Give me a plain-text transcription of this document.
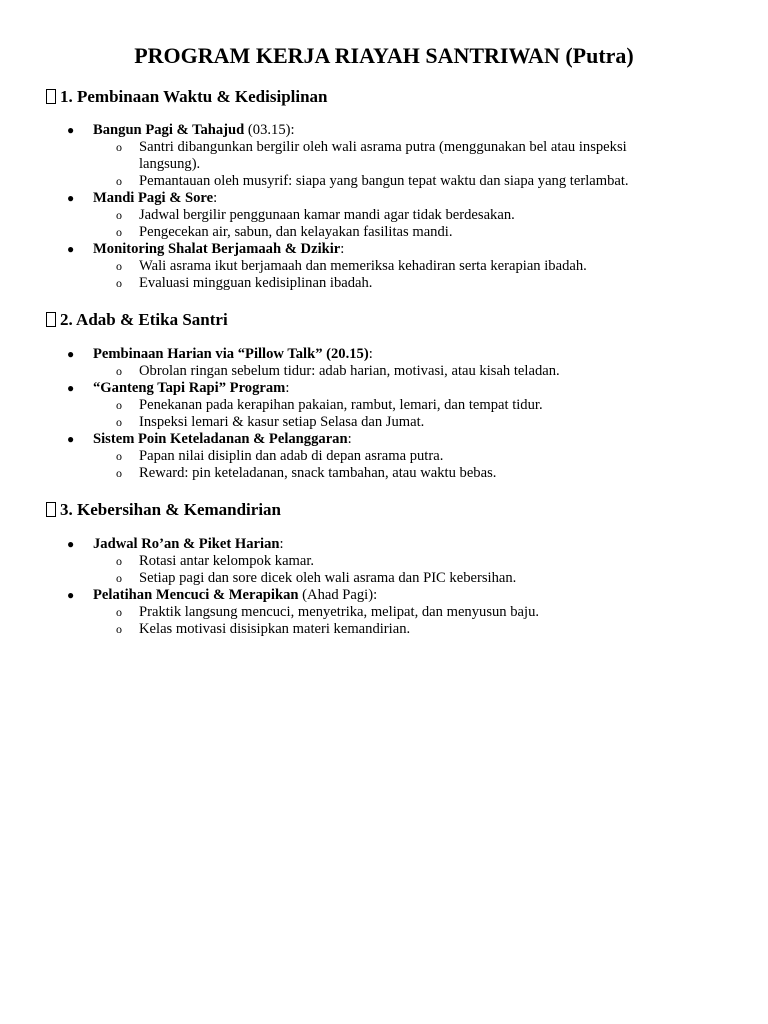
PROGRAM KERJA RIAYAH SANTRIWAN (Putra)
1. Pembinaan Waktu & Kedisiplinan
● Bangun Pagi & Tahajud (03.15):
o Santri dibangunkan bergilir oleh wali asrama putra (menggunakan bel atau inspeksi langsung).
o Pemantauan oleh musyrif: siapa yang bangun tepat waktu dan siapa yang terlambat.
● Mandi Pagi & Sore:
o Jadwal bergilir penggunaan kamar mandi agar tidak berdesakan.
o Pengecekan air, sabun, dan kelayakan fasilitas mandi.
● Monitoring Shalat Berjamaah & Dzikir:
o Wali asrama ikut berjamaah dan memeriksa kehadiran serta kerapian ibadah.
o Evaluasi mingguan kedisiplinan ibadah.
2. Adab & Etika Santri
● Pembinaan Harian via “Pillow Talk” (20.15):
o Obrolan ringan sebelum tidur: adab harian, motivasi, atau kisah teladan.
● “Ganteng Tapi Rapi” Program:
o Penekanan pada kerapihan pakaian, rambut, lemari, dan tempat tidur.
o Inspeksi lemari & kasur setiap Selasa dan Jumat.
● Sistem Poin Keteladanan & Pelanggaran:
o Papan nilai disiplin dan adab di depan asrama putra.
o Reward: pin keteladanan, snack tambahan, atau waktu bebas.
3. Kebersihan & Kemandirian
● Jadwal Ro’an & Piket Harian:
o Rotasi antar kelompok kamar.
o Setiap pagi dan sore dicek oleh wali asrama dan PIC kebersihan.
● Pelatihan Mencuci & Merapikan (Ahad Pagi):
o Praktik langsung mencuci, menyetrika, melipat, dan menyusun baju.
o Kelas motivasi disisipkan materi kemandirian.
